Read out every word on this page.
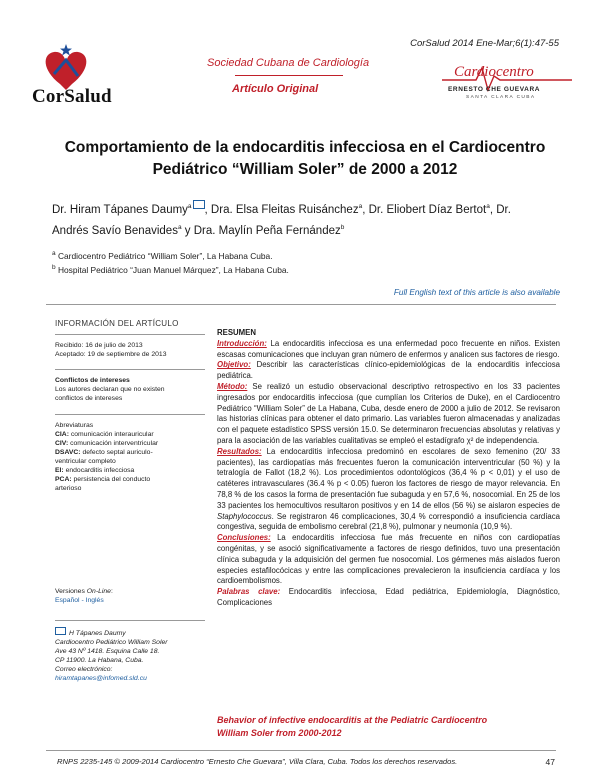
CorSalud
Sociedad Cubana de Cardiología
Artículo Original
CorSalud 2014 Ene-Mar;6(1):47-55
Cardiocentro
ERNESTO CHE GUEVARA
SANTA CLARA CUBA
Comportamiento de la endocarditis infecciosa en el Cardiocentro
Pediátrico “William Soler” de 2000 a 2012
Dr. Hiram Tápanes Daumy$^a$ , Dra. Elsa Fleitas Ruisánchez$^a$, Dr. Eliobert Díaz Bertot$^a$, Dr.
Andrés Savío Benavides$^a$ y Dra. Maylín Peña Fernández$^b$
$^a$ Cardiocentro Pediátrico “William Soler”, La Habana Cuba.
$^b$ Hospital Pediátrico “Juan Manuel Márquez”, La Habana Cuba.
Full English text of this article is also available
INFORMACIÓN DEL ARTÍCULO

Recibido: 16 de julio de 2013

Aceptado: 19 de septiembre de 2013

Conflictos de intereses

Los autores declaran que no existen

conflictos de intereses

Abreviaturas

CIA: comunicación interauricular

CIV: comunicación interventricular

DSAVC: defecto septal auriculo-

ventricular completo

EI: endocarditis infecciosa

PCA: persistencia del conducto

arterioso

Versiones On-Line:

Español - Inglés

H Tápanes Daumy

Cardiocentro Pediátrico William Soler

Ave 43 Nº 1418. Esquina Calle 18.

CP 11900. La Habana, Cuba.

Correo electrónico:

hiramtapanes@infomed.sld.cu

RESUMEN

Introducción: La endocarditis infecciosa es una enfermedad poco frecuente en niños. Existen escasas comunicaciones que incluyan gran número de enfermos y analicen sus factores de riesgo.

Objetivo: Describir las características clínico-epidemiológicas de la endocarditis infecciosa pediátrica.

Método: Se realizó un estudio observacional descriptivo retrospectivo en los 33 pacientes ingresados por endocarditis infecciosa (que cumplían los Criterios de Duke), en el Cardiocentro Pediátrico “William Soler” de La Habana, Cuba, desde enero de 2000 a julio de 2012. Se revisaron las historias clínicas para obtener el dato primario. Las variables fueron almacenadas y analizadas con el paquete estadístico SPSS versión 15.0. Se determinaron frecuencias absolutas y relativas y para la asociación de las variables cualitativas se empleó el estadígrafo χ² de independencia.

Resultados: La endocarditis infecciosa predominó en escolares de sexo femenino (20/ 33 pacientes), las cardiopatías más frecuentes fueron la comunicación interventricular (50 %) y la tetralogía de Fallot (18,2 %). Los procedimientos odontológicos (36,4 % p < 0,01) y el uso de catéteres intravasculares (36.4 % p < 0.05) fueron los factores de riesgo de mayor relevancia. En 78,8 % de los casos la forma de presentación fue subaguda y en 57,6 %, nosocomial. En 25 de los 33 pacientes los hemocultivos resultaron positivos y en 14 de ellos (56 %) se aislaron especies de Staphylococcus. Se registraron 46 complicaciones, 30,4 % correspondió a insuficiencia cardíaca congestiva, seguida de embolismo cerebral (21,8 %), pulmonar y neumonía (10,9 %).

Conclusiones: La endocarditis infecciosa fue más frecuente en niños con cardiopatías congénitas, y se asoció significativamente a factores de riesgo definidos, tuvo una presentación clínica subaguda y la adquisición del germen fue nosocomial. Los gérmenes más aislados fueron especies estafilocócicas y entre las complicaciones prevalecieron la insuficiencia cardíaca y los cardioembolismos.

Palabras clave: Endocarditis infecciosa, Edad pediátrica, Epidemiología, Diagnóstico, Complicaciones

Behavior of infective endocarditis at the Pediatric Cardiocentro
William Soler from 2000-2012
RNPS 2235-145 © 2009-2014 Cardiocentro “Ernesto Che Guevara”, Villa Clara, Cuba. Todos los derechos reservados.	47
